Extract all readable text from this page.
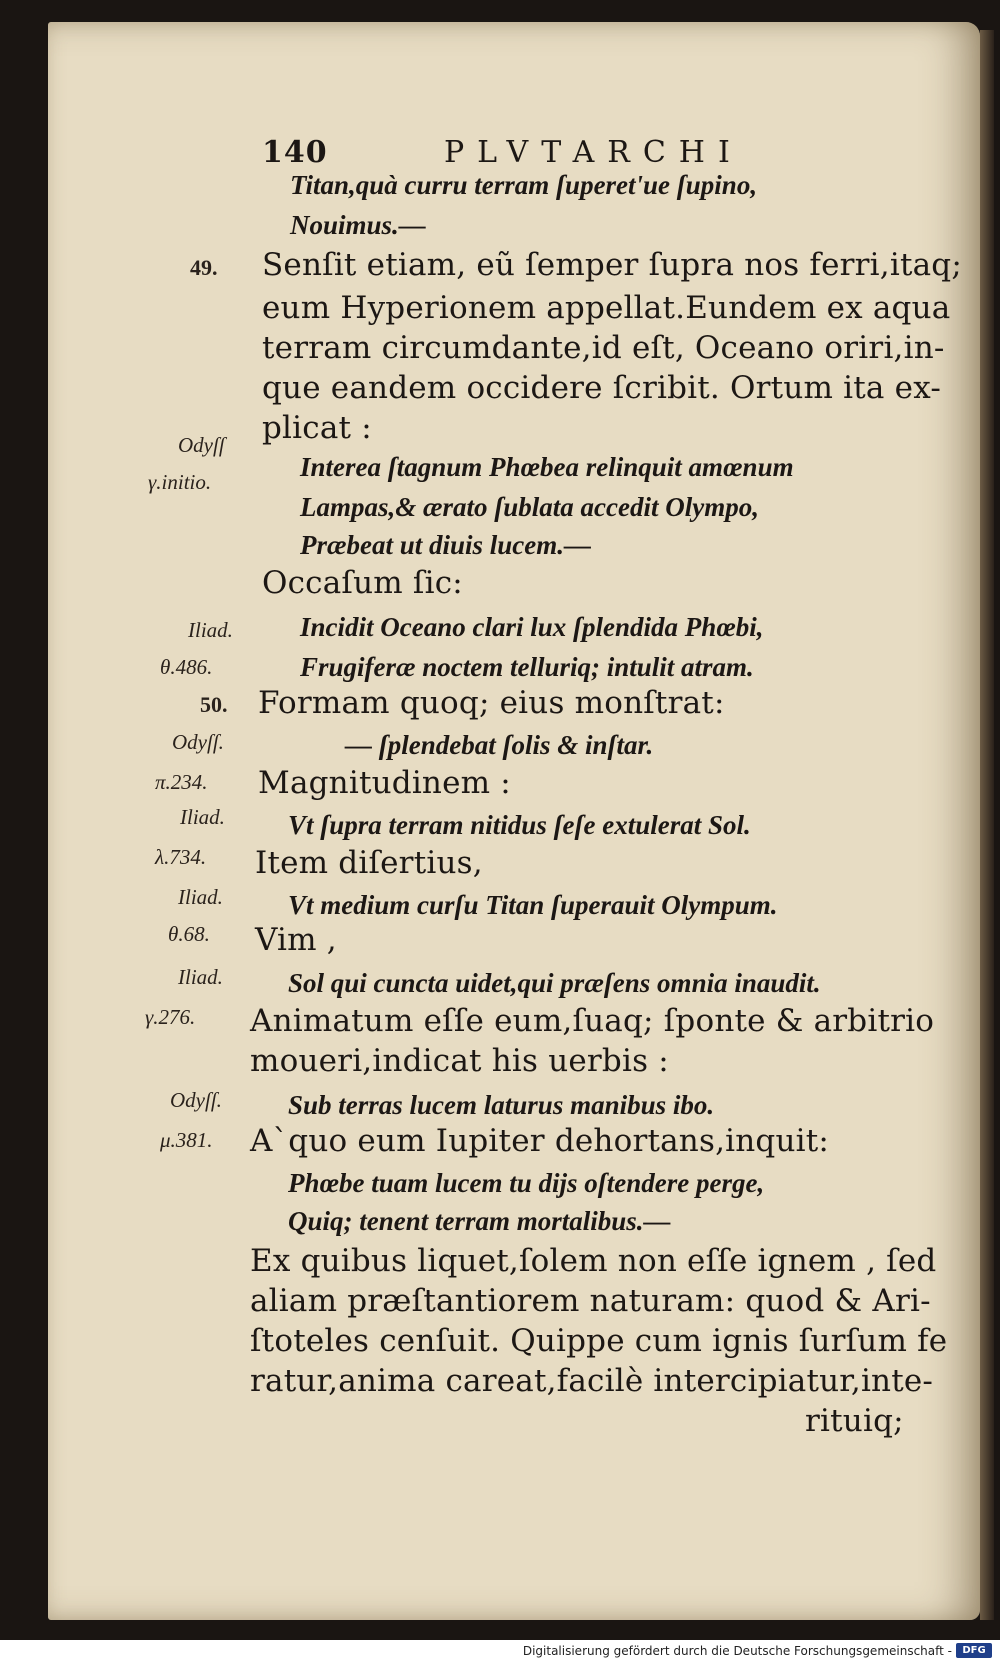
140	PLVTARCHI
Titan,quà curru terram ſuperet'ue ſupino,
Nouimus.—
Senſit etiam, eũ ſemper ſupra nos ferri,itaq;
eum Hyperionem appellat.Eundem ex aqua
terram circumdante,id eſt, Oceano oriri,in-
que eandem occidere ſcribit. Ortum ita ex-
plicat :
Interea ſtagnum Phœbea relinquit amœnum
Lampas,& ærato ſublata accedit Olympo,
Præbeat ut diuis lucem.—
Occaſum ſic:
Incidit Oceano clari lux ſplendida Phœbi,
Frugiferæ noctem telluriq; intulit atram.
Formam quoq; eius monſtrat:
— ſplendebat ſolis & inſtar.
Magnitudinem :
Vt ſupra terram nitidus ſeſe extulerat Sol.
Item diſertius,
Vt medium curſu Titan ſuperauit Olympum.
Vim ,
Sol qui cuncta uidet,qui præſens omnia inaudit.
Animatum eſſe eum,ſuaq; ſponte & arbitrio
moueri,indicat his uerbis :
Sub terras lucem laturus manibus ibo.
A`quo eum Iupiter dehortans,inquit:
Phœbe tuam lucem tu dijs oſtendere perge,
Quiq; tenent terram mortalibus.—
Ex quibus liquet,ſolem non eſſe ignem , ſed
aliam præſtantiorem naturam: quod & Ari-
ſtoteles cenſuit. Quippe cum ignis ſurſum fe
ratur,anima careat,facilè intercipiatur,inte-
rituiq;
49.
Odyſſ
γ.initio.
Iliad.
θ.486.
50.
Odyſſ.
π.234.
Iliad.
λ.734.
Iliad.
θ.68.
Iliad.
γ.276.
Odyſſ.
μ.381.
Digitalisierung gefördert durch die Deutsche Forschungsgemeinschaft -	DFG
